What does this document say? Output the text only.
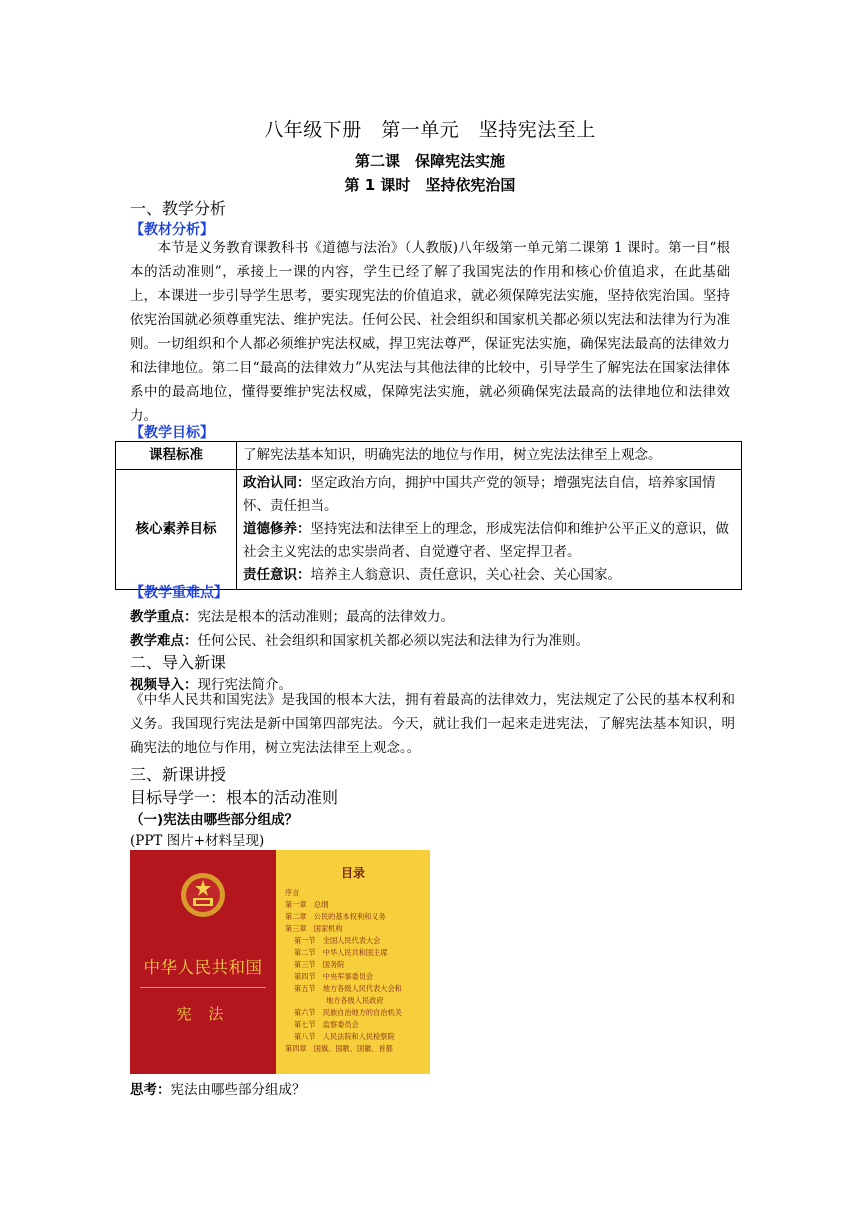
八年级下册　第一单元　坚持宪法至上
第二课　保障宪法实施
第 1 课时　坚持依宪治国
一、教学分析
【教材分析】
　　本节是义务教育课教科书《道德与法治》（人教版)八年级第一单元第二课第 1 课时。第一目“根本的活动准则”，承接上一课的内容，学生已经了解了我国宪法的作用和核心价值追求，在此基础上，本课进一步引导学生思考，要实现宪法的价值追求，就必须保障宪法实施，坚持依宪治国。坚持依宪治国就必须尊重宪法、维护宪法。任何公民、社会组织和国家机关都必须以宪法和法律为行为准则。一切组织和个人都必须维护宪法权威，捍卫宪法尊严，保证宪法实施，确保宪法最高的法律效力和法律地位。第二目“最高的法律效力”从宪法与其他法律的比较中，引导学生了解宪法在国家法律体系中的最高地位，懂得要维护宪法权威，保障宪法实施，就必须确保宪法最高的法律地位和法律效力。
【教学目标】
课程标准	了解宪法基本知识，明确宪法的地位与作用，树立宪法法律至上观念。
核心素养目标	政治认同：坚定政治方向，拥护中国共产党的领导；增强宪法自信，培养家国情怀、责任担当。
道德修养：坚持宪法和法律至上的理念，形成宪法信仰和维护公平正义的意识，做社会主义宪法的忠实崇尚者、自觉遵守者、坚定捍卫者。
责任意识：培养主人翁意识、责任意识，关心社会、关心国家。
【教学重难点】
教学重点：宪法是根本的活动准则；最高的法律效力。
教学难点：任何公民、社会组织和国家机关都必须以宪法和法律为行为准则。
二、导入新课
视频导入：现行宪法简介。
《中华人民共和国宪法》是我国的根本大法，拥有着最高的法律效力，宪法规定了公民的基本权利和义务。我国现行宪法是新中国第四部宪法。今天，就让我们一起来走进宪法，了解宪法基本知识，明确宪法的地位与作用，树立宪法法律至上观念。。
三、新课讲授
目标导学一：根本的活动准则
（一)宪法由哪些部分组成？
(PPT 图片+材料呈现)
中华人民共和国
宪 法
目录
序言
第一章　总纲
第二章　公民的基本权利和义务
第三章　国家机构
第一节　全国人民代表大会
第二节　中华人民共和国主席
第三节　国务院
第四节　中央军事委员会
第五节　地方各级人民代表大会和
地方各级人民政府
第六节　民族自治地方的自治机关
第七节　监察委员会
第八节　人民法院和人民检察院
第四章　国旗、国歌、国徽、首都
思考：宪法由哪些部分组成？
